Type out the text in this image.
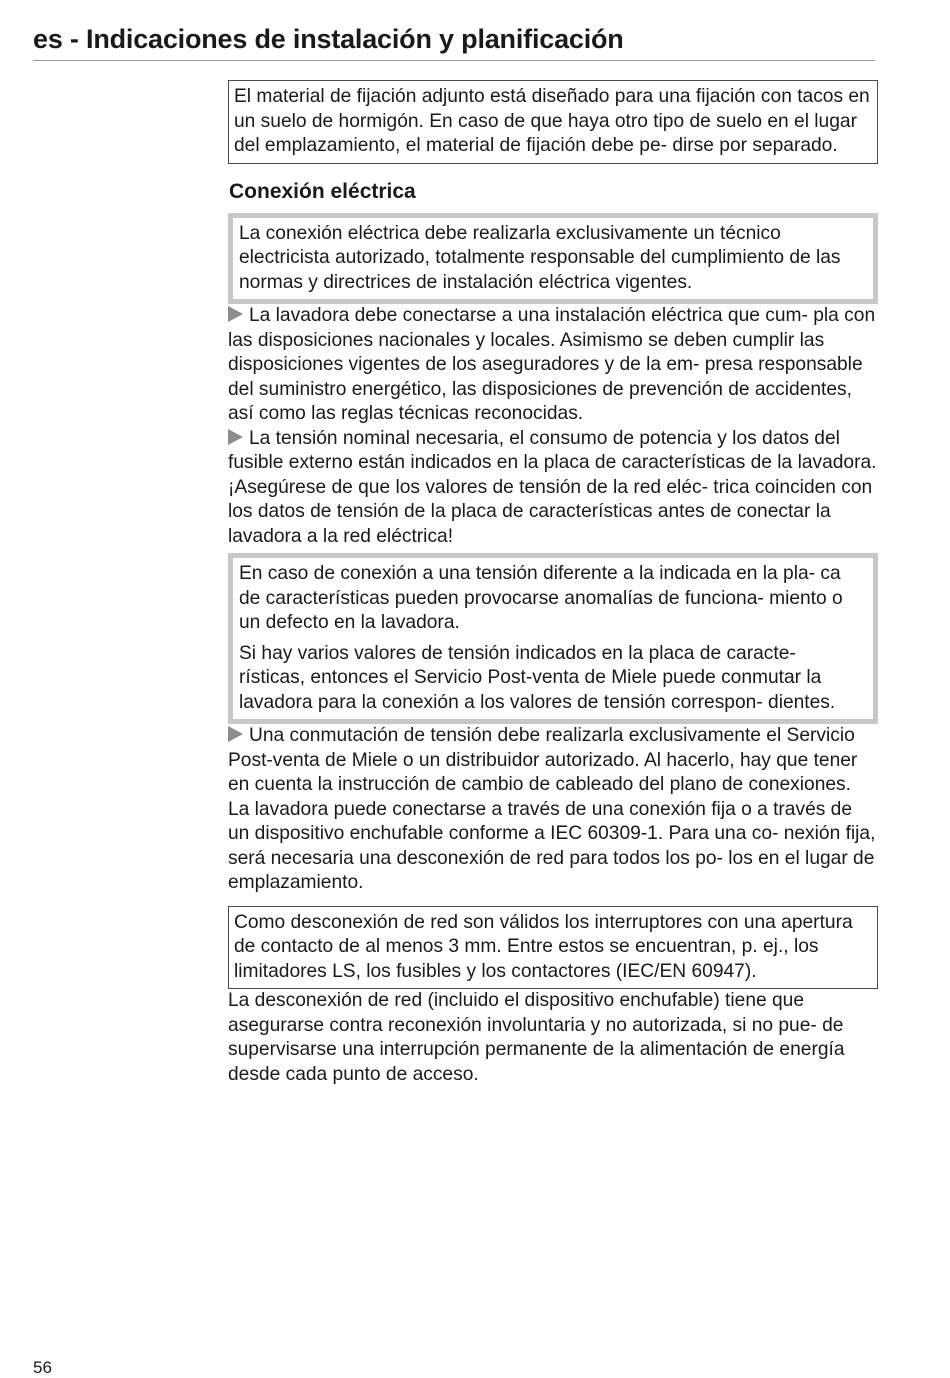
es - Indicaciones de instalación y planificación

El material de fijación adjunto está diseñado para una fijación con tacos en un suelo de hormigón. En caso de que haya otro tipo de suelo en el lugar del emplazamiento, el material de fijación debe pe- dirse por separado.

Conexión eléctrica

La conexión eléctrica debe realizarla exclusivamente un técnico electricista autorizado, totalmente responsable del cumplimiento de las normas y directrices de instalación eléctrica vigentes.

La lavadora debe conectarse a una instalación eléctrica que cum- pla con las disposiciones nacionales y locales. Asimismo se deben cumplir las disposiciones vigentes de los aseguradores y de la em- presa responsable del suministro energético, las disposiciones de prevención de accidentes, así como las reglas técnicas reconocidas.

La tensión nominal necesaria, el consumo de potencia y los datos del fusible externo están indicados en la placa de características de la lavadora. ¡Asegúrese de que los valores de tensión de la red eléc- trica coinciden con los datos de tensión de la placa de características antes de conectar la lavadora a la red eléctrica!

En caso de conexión a una tensión diferente a la indicada en la pla- ca de características pueden provocarse anomalías de funciona- miento o un defecto en la lavadora.

Si hay varios valores de tensión indicados en la placa de caracte- rísticas, entonces el Servicio Post-venta de Miele puede conmutar la lavadora para la conexión a los valores de tensión correspon- dientes.

Una conmutación de tensión debe realizarla exclusivamente el Servicio Post-venta de Miele o un distribuidor autorizado. Al hacerlo, hay que tener en cuenta la instrucción de cambio de cableado del plano de conexiones.

La lavadora puede conectarse a través de una conexión fija o a través de un dispositivo enchufable conforme a IEC 60309-1. Para una co- nexión fija, será necesaria una desconexión de red para todos los po- los en el lugar de emplazamiento.

Como desconexión de red son válidos los interruptores con una apertura de contacto de al menos 3 mm. Entre estos se encuentran, p. ej., los limitadores LS, los fusibles y los contactores (IEC/EN 60947).

La desconexión de red (incluido el dispositivo enchufable) tiene que asegurarse contra reconexión involuntaria y no autorizada, si no pue- de supervisarse una interrupción permanente de la alimentación de energía desde cada punto de acceso.

56
